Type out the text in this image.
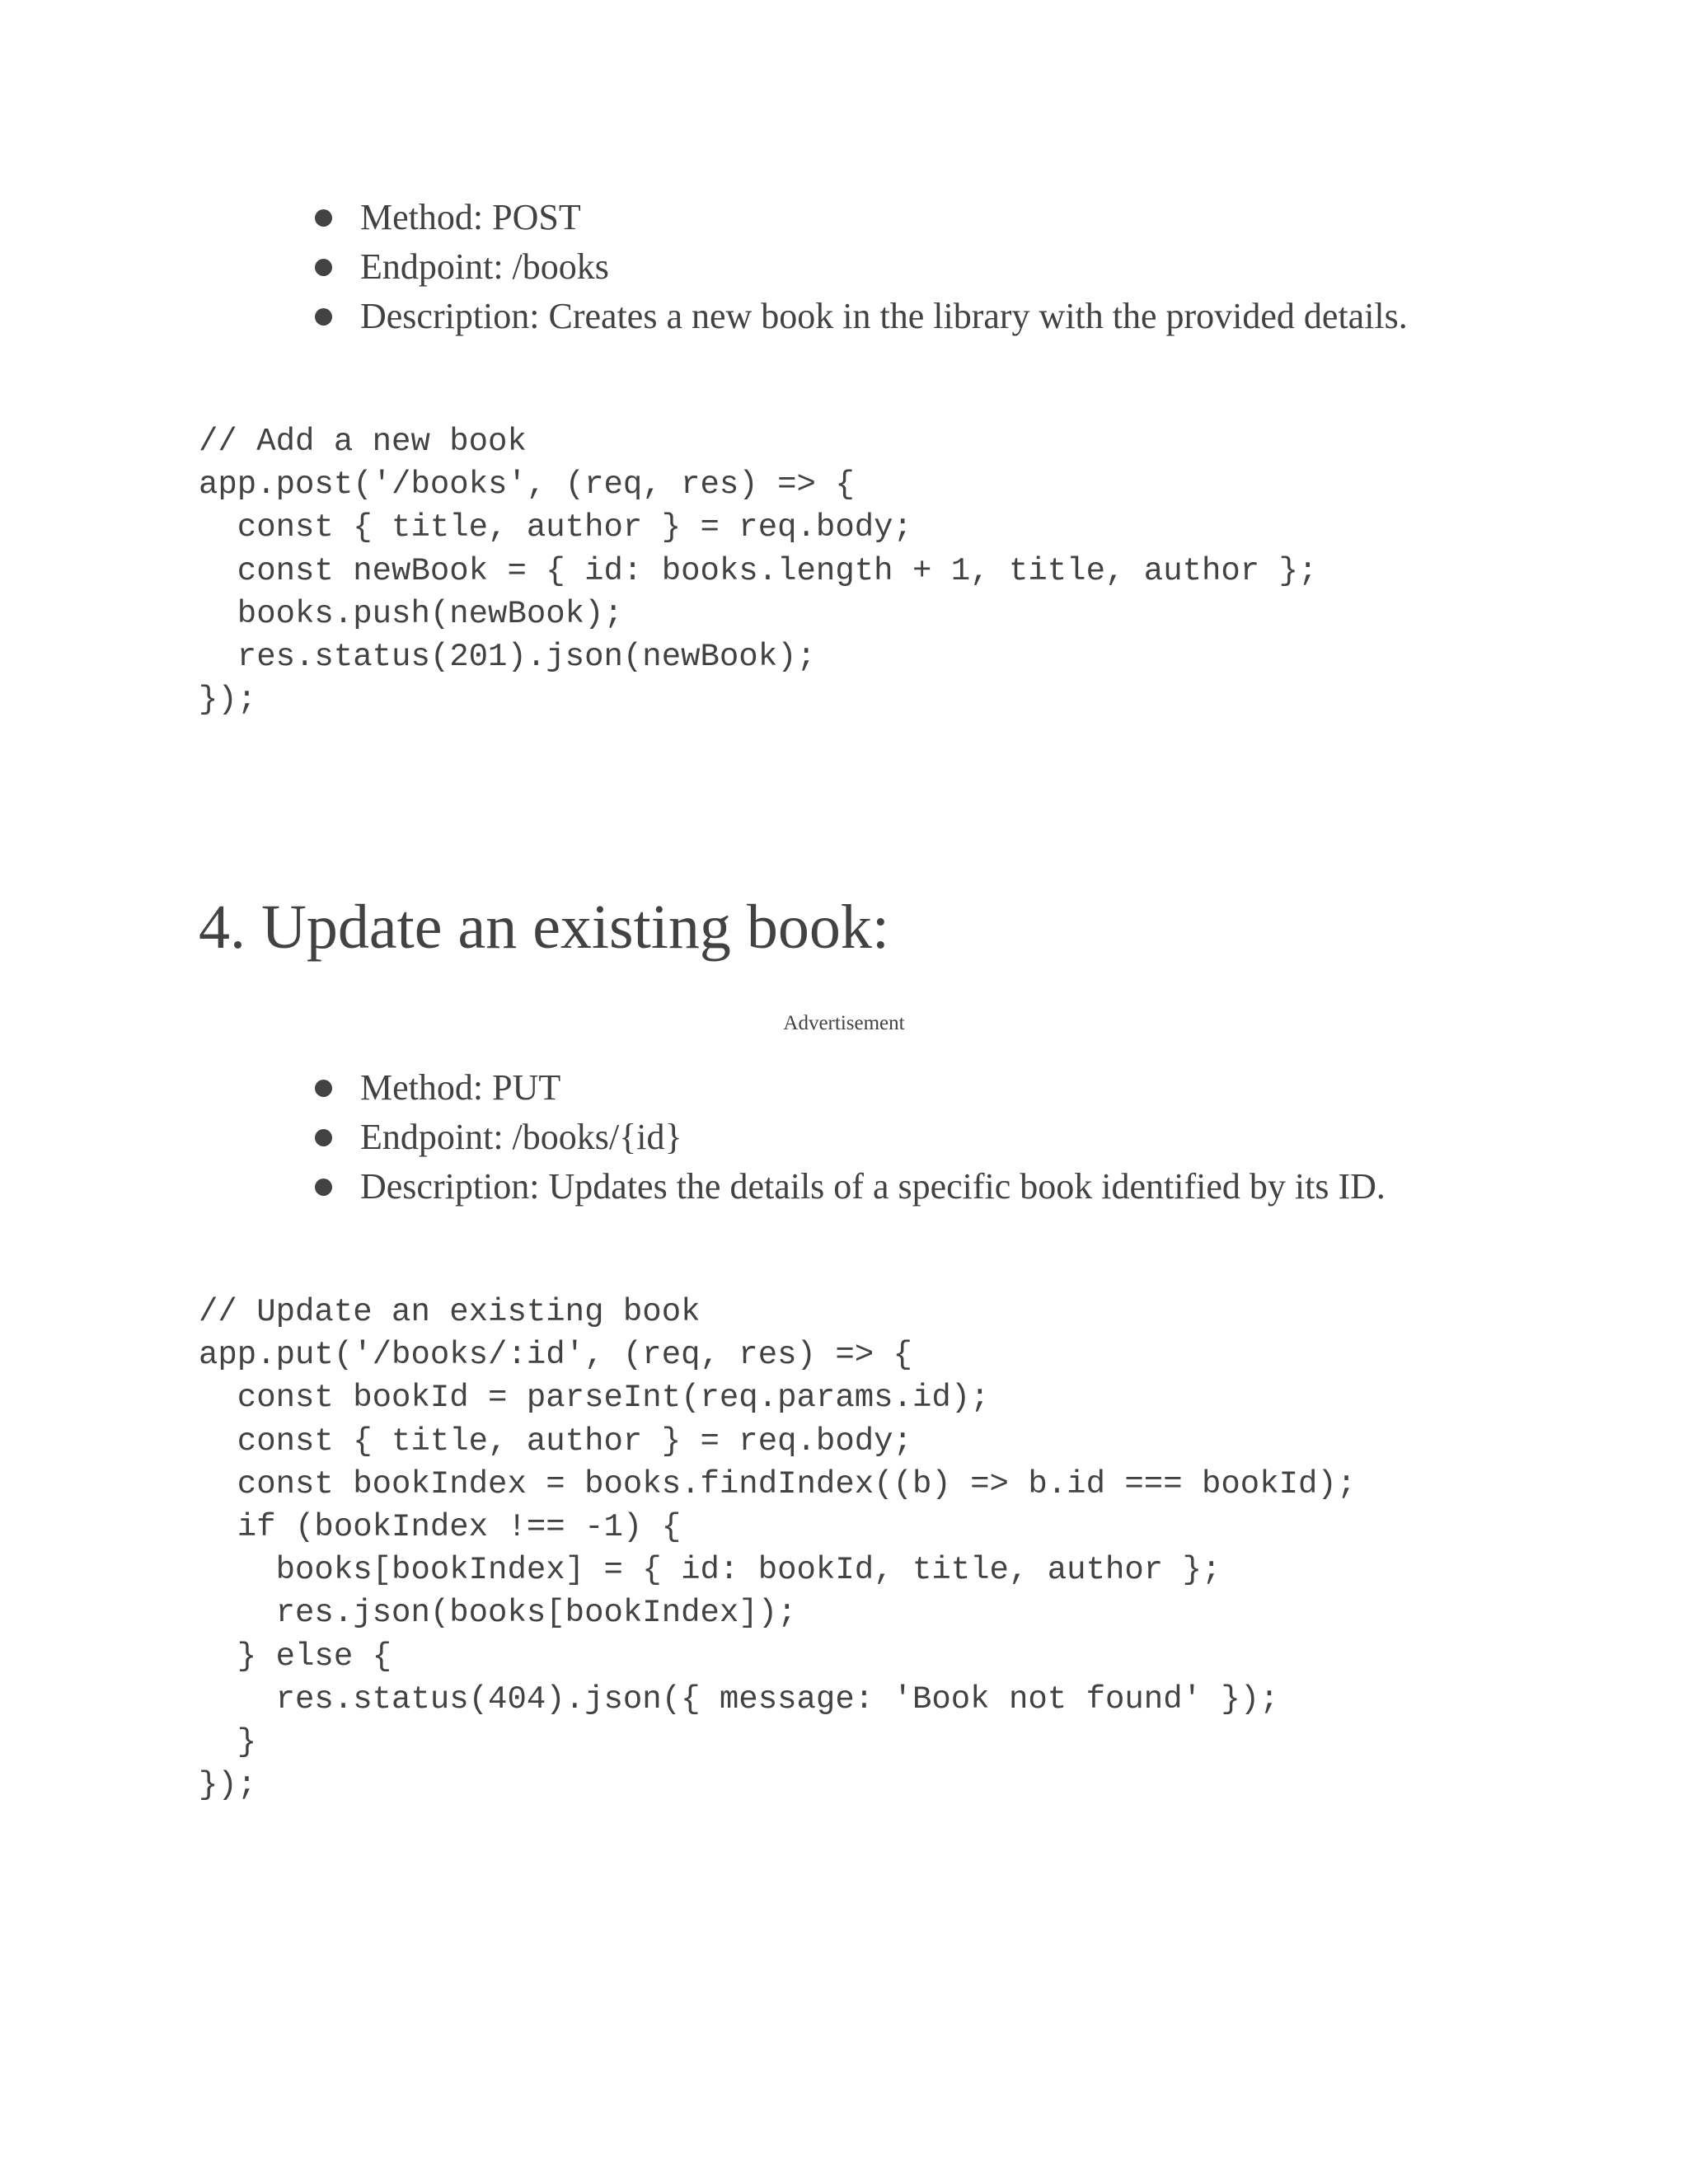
Method: POST
Endpoint: /books
Description: Creates a new book in the library with the provided details.
// Add a new book
app.post('/books', (req, res) => {
const { title, author } = req.body;
const newBook = { id: books.length + 1, title, author };
books.push(newBook);
res.status(201).json(newBook);
});
4. Update an existing book:
Advertisement
Method: PUT
Endpoint: /books/{id}
Description: Updates the details of a specific book identified by its ID.
// Update an existing book
app.put('/books/:id', (req, res) => {
const bookId = parseInt(req.params.id);
const { title, author } = req.body;
const bookIndex = books.findIndex((b) => b.id === bookId);
if (bookIndex !== -1) {
books[bookIndex] = { id: bookId, title, author };
res.json(books[bookIndex]);
} else {
res.status(404).json({ message: 'Book not found' });
}
});
